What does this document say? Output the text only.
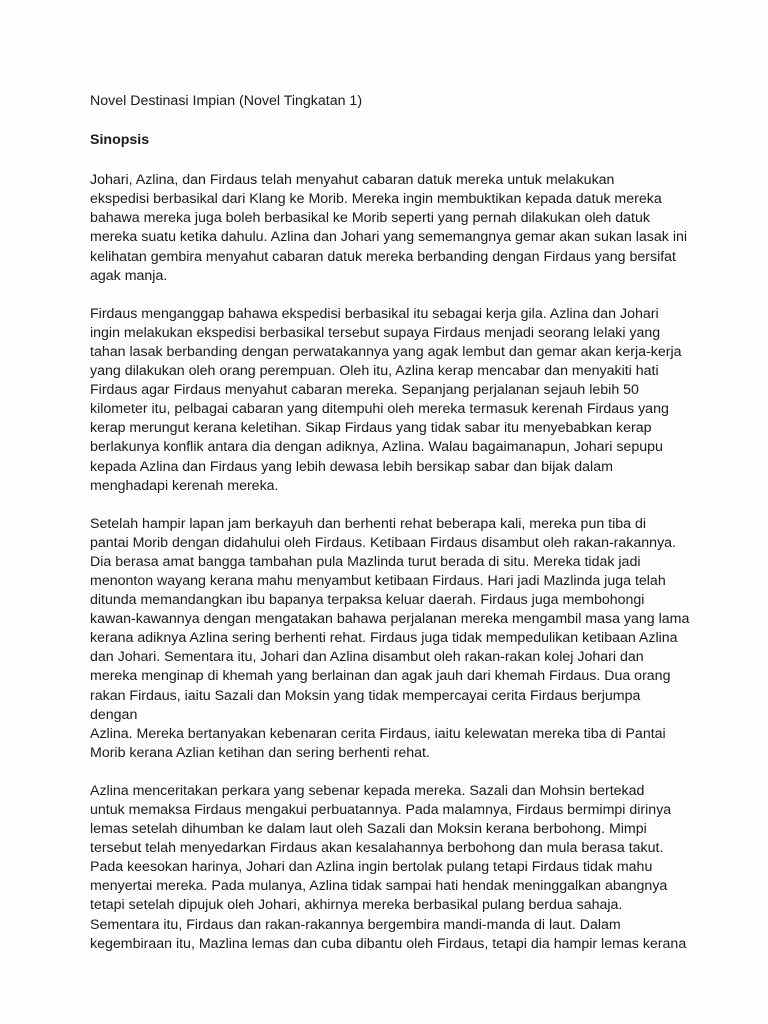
Novel Destinasi Impian (Novel Tingkatan 1)
Sinopsis
Johari, Azlina, dan Firdaus telah menyahut cabaran datuk mereka untuk melakukan
ekspedisi berbasikal dari Klang ke Morib. Mereka ingin membuktikan kepada datuk mereka
bahawa mereka juga boleh berbasikal ke Morib seperti yang pernah dilakukan oleh datuk
mereka suatu ketika dahulu. Azlina dan Johari yang sememangnya gemar akan sukan lasak ini
kelihatan gembira menyahut cabaran datuk mereka berbanding dengan Firdaus yang bersifat
agak manja.
Firdaus menganggap bahawa ekspedisi berbasikal itu sebagai kerja gila. Azlina dan Johari
ingin melakukan ekspedisi berbasikal tersebut supaya Firdaus menjadi seorang lelaki yang
tahan lasak berbanding dengan perwatakannya yang agak lembut dan gemar akan kerja-kerja
yang dilakukan oleh orang perempuan. Oleh itu, Azlina kerap mencabar dan menyakiti hati
Firdaus agar Firdaus menyahut cabaran mereka. Sepanjang perjalanan sejauh lebih 50
kilometer itu, pelbagai cabaran yang ditempuhi oleh mereka termasuk kerenah Firdaus yang
kerap merungut kerana keletihan. Sikap Firdaus yang tidak sabar itu menyebabkan kerap
berlakunya konflik antara dia dengan adiknya, Azlina. Walau bagaimanapun, Johari sepupu
kepada Azlina dan Firdaus yang lebih dewasa lebih bersikap sabar dan bijak dalam
menghadapi kerenah mereka.
Setelah hampir lapan jam berkayuh dan berhenti rehat beberapa kali, mereka pun tiba di
pantai Morib dengan didahului oleh Firdaus. Ketibaan Firdaus disambut oleh rakan-rakannya.
Dia berasa amat bangga tambahan pula Mazlinda turut berada di situ. Mereka tidak jadi
menonton wayang kerana mahu menyambut ketibaan Firdaus. Hari jadi Mazlinda juga telah
ditunda memandangkan ibu bapanya terpaksa keluar daerah. Firdaus juga membohongi
kawan-kawannya dengan mengatakan bahawa perjalanan mereka mengambil masa yang lama
kerana adiknya Azlina sering berhenti rehat. Firdaus juga tidak mempedulikan ketibaan Azlina
dan Johari. Sementara itu, Johari dan Azlina disambut oleh rakan-rakan kolej Johari dan
mereka menginap di khemah yang berlainan dan agak jauh dari khemah Firdaus. Dua orang
rakan Firdaus, iaitu Sazali dan Moksin yang tidak mempercayai cerita Firdaus berjumpa dengan
Azlina. Mereka bertanyakan kebenaran cerita Firdaus, iaitu kelewatan mereka tiba di Pantai
Morib kerana Azlian ketihan dan sering berhenti rehat.
Azlina menceritakan perkara yang sebenar kepada mereka. Sazali dan Mohsin bertekad
untuk memaksa Firdaus mengakui perbuatannya. Pada malamnya, Firdaus bermimpi dirinya
lemas setelah dihumban ke dalam laut oleh Sazali dan Moksin kerana berbohong. Mimpi
tersebut telah menyedarkan Firdaus akan kesalahannya berbohong dan mula berasa takut.
Pada keesokan harinya, Johari dan Azlina ingin bertolak pulang tetapi Firdaus tidak mahu
menyertai mereka. Pada mulanya, Azlina tidak sampai hati hendak meninggalkan abangnya
tetapi setelah dipujuk oleh Johari, akhirnya mereka berbasikal pulang berdua sahaja.
Sementara itu, Firdaus dan rakan-rakannya bergembira mandi-manda di laut. Dalam
kegembiraan itu, Mazlina lemas dan cuba dibantu oleh Firdaus, tetapi dia hampir lemas kerana
